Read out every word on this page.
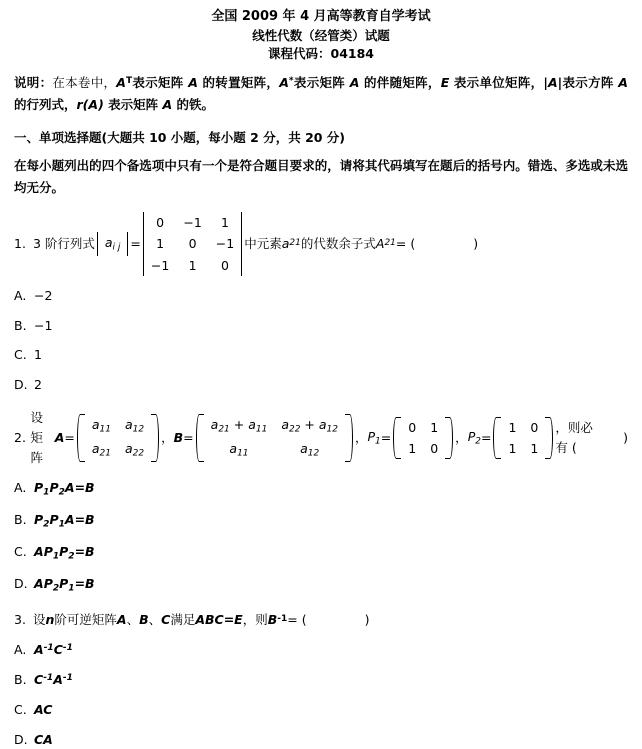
全国 2009 年 4 月高等教育自学考试
线性代数（经管类）试题
课程代码：04184
说明：在本卷中，$A^T$表示矩阵 A 的转置矩阵，A*表示矩阵 A 的伴随矩阵，E 表示单位矩阵，|A|表示方阵 A 的行列式，r(A) 表示矩阵 A 的铁。
一、单项选择题(大题共 10 小题，每小题 2 分，共 20 分)
在每小题列出的四个备选项中只有一个是符合题目要求的，请将其代码填写在题后的括号内。错选、多选或未选均无分。
1. 3 阶行列式 $a_{i j}$ =
0	−1	1
1	0	−1
−1	1	0
中元素 a 21 的代数余子式 A 21 = (	)
A. −2
B. −1
C. 1
D. 2
2.
设矩阵
A =
$a_{11}$	$a_{12}$
$a_{21}$	$a_{22}$
， B =
$a_{21} + a_{11}$	$a_{22} + a_{12}$
$a_{11}$	$a_{12}$
， $P_1$ =
0	1
1	0
， $P_2$ =
1	0
1	1
，则必有 (
)
A. $P_1P_2A=B$
B. $P_2P_1A=B$
C. $AP_1P_2=B$
D. $AP_2P_1=B$
3. 设 n 阶可逆矩阵 A 、 B 、 C 满足 ABC=E ，则 B -1 = (	)
A. $A^{-1}C^{-1}$
B. $C^{-1}A^{-1}$
C. AC
D. CA
